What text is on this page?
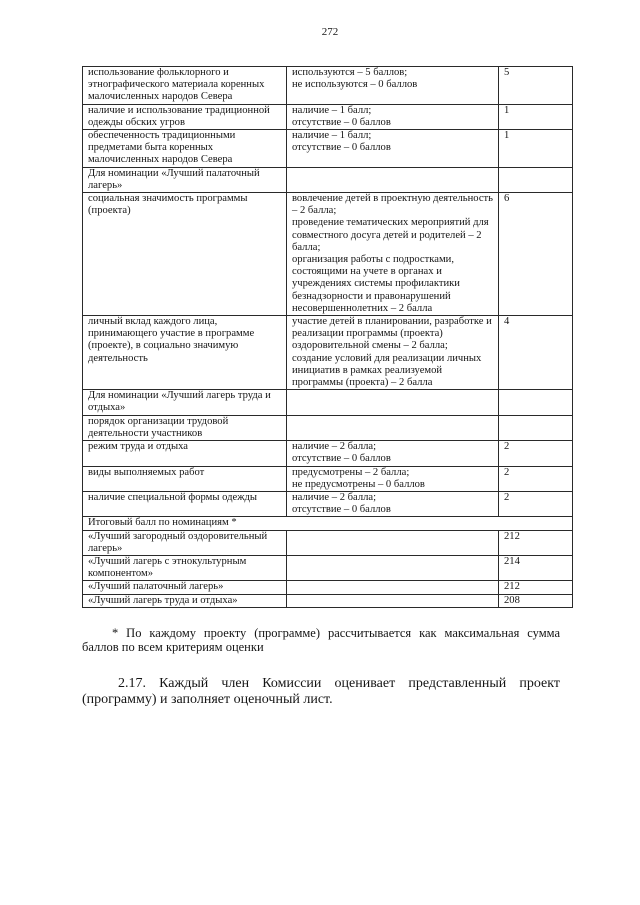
272
использование фольклорного и этнографического материала коренных малочисленных народов Севера	используются – 5 баллов;
не используются – 0 баллов	5
наличие и использование традиционной одежды обских угров	наличие – 1 балл;
отсутствие – 0 баллов	1
обеспеченность традиционными предметами быта коренных малочисленных народов Севера	наличие – 1 балл;
отсутствие – 0 баллов	1
Для номинации «Лучший палаточный лагерь»		
социальная значимость программы (проекта)	вовлечение детей в проектную деятельность – 2 балла;
проведение тематических мероприятий для совместного досуга детей и родителей – 2 балла;
организация работы с подростками, состоящими на учете в органах и учреждениях системы профилактики безнадзорности и правонарушений несовершеннолетних – 2 балла	6
личный вклад каждого лица, принимающего участие в программе (проекте), в социально значимую деятельность	участие детей в планировании, разработке и реализации программы (проекта) оздоровительной смены – 2 балла;
создание условий для реализации личных инициатив в рамках реализуемой программы (проекта) – 2 балла	4
Для номинации «Лучший лагерь труда и отдыха»		
порядок организации трудовой деятельности участников		
режим труда и отдыха	наличие – 2 балла;
отсутствие – 0 баллов	2
виды выполняемых работ	предусмотрены – 2 балла;
не предусмотрены – 0 баллов	2
наличие специальной формы одежды	наличие – 2 балла;
отсутствие – 0 баллов	2
Итоговый балл по номинациям *		
«Лучший загородный оздоровительный лагерь»		212
«Лучший лагерь с этнокультурным компонентом»		214
«Лучший палаточный лагерь»		212
«Лучший лагерь труда и отдыха»		208
* По каждому проекту (программе) рассчитывается как максимальная сумма баллов по всем критериям оценки
2.17. Каждый член Комиссии оценивает представленный проект (программу) и заполняет оценочный лист.
